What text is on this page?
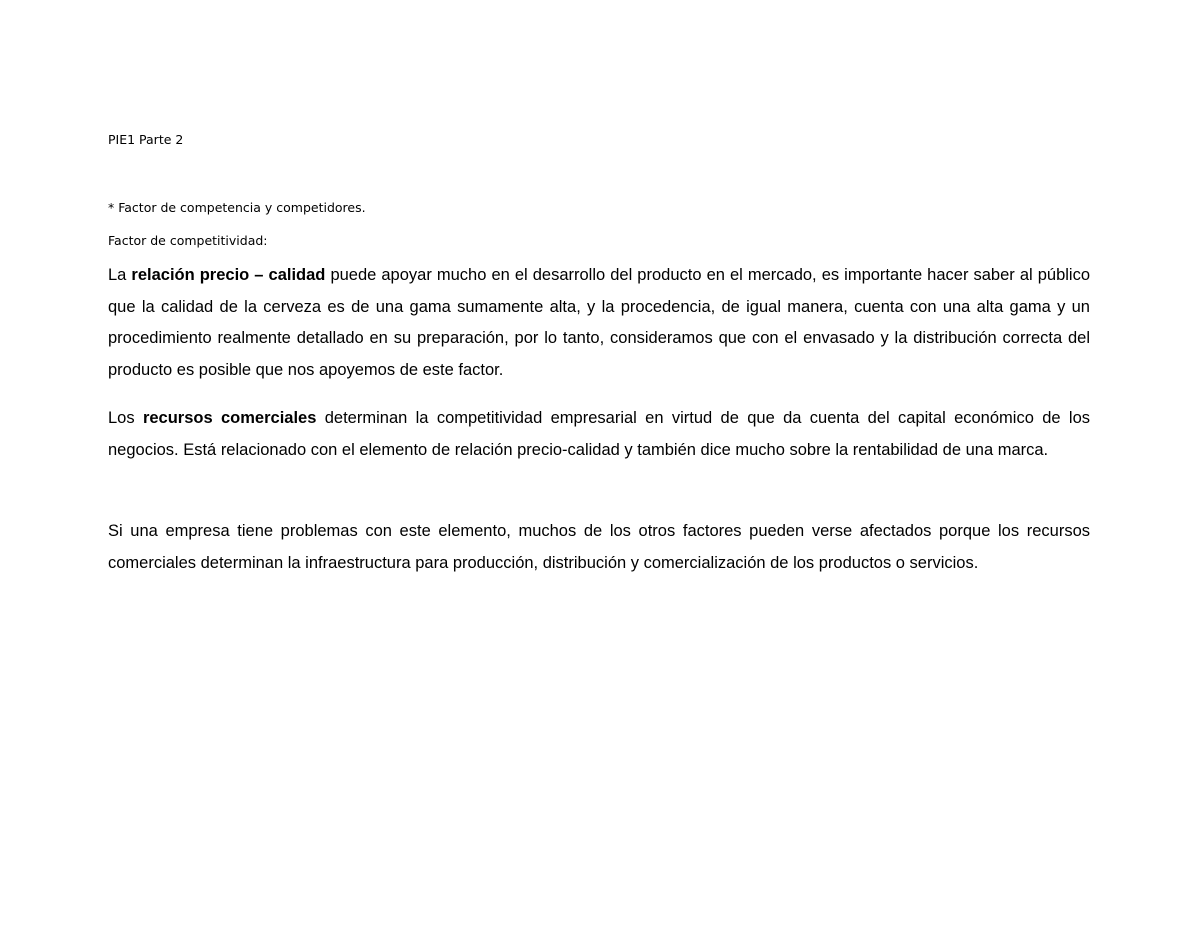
PIE1 Parte 2

* Factor de competencia y competidores.

Factor de competitividad:

La relación precio – calidad puede apoyar mucho en el desarrollo del producto en el mercado, es importante hacer saber al público que la calidad de la cerveza es de una gama sumamente alta, y la procedencia, de igual manera, cuenta con una alta gama y un procedimiento realmente detallado en su preparación, por lo tanto, consideramos que con el envasado y la distribución correcta del producto es posible que nos apoyemos de este factor.

Los recursos comerciales determinan la competitividad empresarial en virtud de que da cuenta del capital económico de los negocios. Está relacionado con el elemento de relación precio-calidad y también dice mucho sobre la rentabilidad de una marca.

Si una empresa tiene problemas con este elemento, muchos de los otros factores pueden verse afectados porque los recursos comerciales determinan la infraestructura para producción, distribución y comercialización de los productos o servicios.
